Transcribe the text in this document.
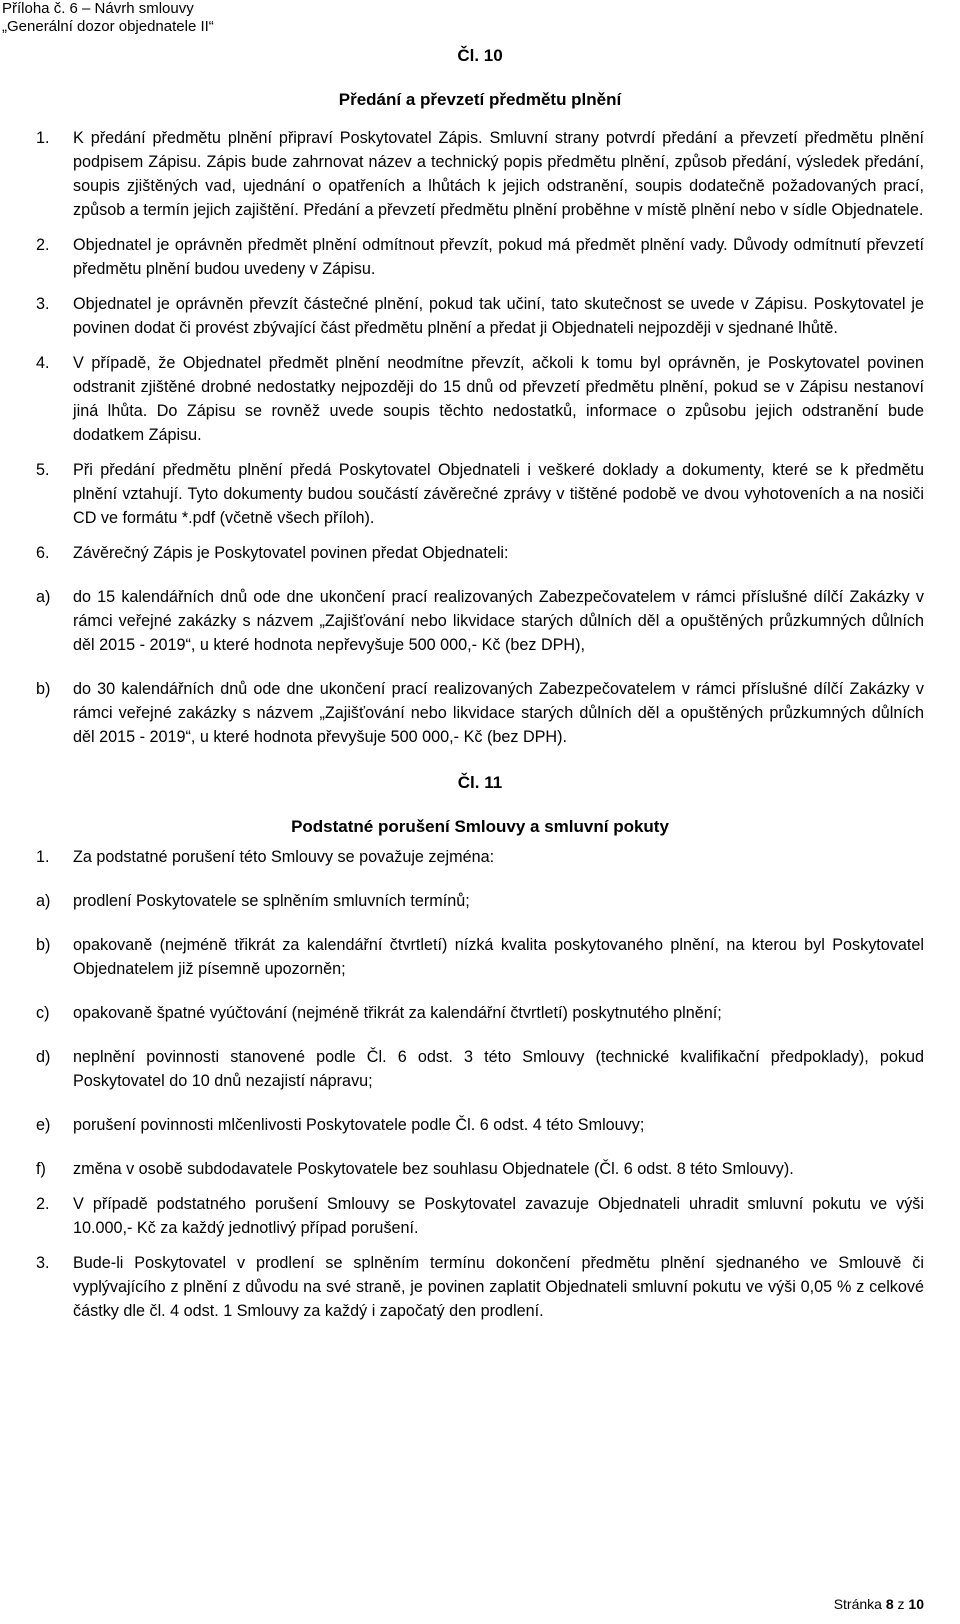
Příloha č. 6 – Návrh smlouvy
„Generální dozor objednatele II“
Čl. 10
Předání a převzetí předmětu plnění
1.	K předání předmětu plnění připraví Poskytovatel Zápis. Smluvní strany potvrdí předání a převzetí předmětu plnění podpisem Zápisu. Zápis bude zahrnovat název a technický popis předmětu plnění, způsob předání, výsledek předání, soupis zjištěných vad, ujednání o opatřeních a lhůtách k jejich odstranění, soupis dodatečně požadovaných prací, způsob a termín jejich zajištění. Předání a převzetí předmětu plnění proběhne v místě plnění nebo v sídle Objednatele.
2.	Objednatel je oprávněn předmět plnění odmítnout převzít, pokud má předmět plnění vady. Důvody odmítnutí převzetí předmětu plnění budou uvedeny v Zápisu.
3.	Objednatel je oprávněn převzít částečné plnění, pokud tak učiní, tato skutečnost se uvede v Zápisu. Poskytovatel je povinen dodat či provést zbývající část předmětu plnění a předat ji Objednateli nejpozději v sjednané lhůtě.
4.	V případě, že Objednatel předmět plnění neodmítne převzít, ačkoli k tomu byl oprávněn, je Poskytovatel povinen odstranit zjištěné drobné nedostatky nejpozději do 15 dnů od převzetí předmětu plnění, pokud se v Zápisu nestanoví jiná lhůta. Do Zápisu se rovněž uvede soupis těchto nedostatků, informace o způsobu jejich odstranění bude dodatkem Zápisu.
5.	Při předání předmětu plnění předá Poskytovatel Objednateli i veškeré doklady a dokumenty, které se k předmětu plnění vztahují. Tyto dokumenty budou součástí závěrečné zprávy v tištěné podobě ve dvou vyhotoveních a na nosiči CD ve formátu *.pdf (včetně všech příloh).
6.	Závěrečný Zápis je Poskytovatel povinen předat Objednateli:
a)	do 15 kalendářních dnů ode dne ukončení prací realizovaných Zabezpečovatelem v rámci příslušné dílčí Zakázky v rámci veřejné zakázky s názvem „Zajišťování nebo likvidace starých důlních děl a opuštěných průzkumných důlních děl 2015 - 2019“, u které hodnota nepřevyšuje 500 000,- Kč (bez DPH),
b)	do 30 kalendářních dnů ode dne ukončení prací realizovaných Zabezpečovatelem v rámci příslušné dílčí Zakázky v rámci veřejné zakázky s názvem „Zajišťování nebo likvidace starých důlních děl a opuštěných průzkumných důlních děl 2015 - 2019“, u které hodnota převyšuje 500 000,- Kč (bez DPH).
Čl. 11
Podstatné porušení Smlouvy a smluvní pokuty
1.	Za podstatné porušení této Smlouvy se považuje zejména:
a)	prodlení Poskytovatele se splněním smluvních termínů;
b)	opakovaně (nejméně třikrát za kalendářní čtvrtletí) nízká kvalita poskytovaného plnění, na kterou byl Poskytovatel Objednatelem již písemně upozorněn;
c)	opakovaně špatné vyúčtování (nejméně třikrát za kalendářní čtvrtletí) poskytnutého plnění;
d)	neplnění povinnosti stanovené podle Čl. 6 odst. 3 této Smlouvy (technické kvalifikační předpoklady), pokud Poskytovatel do 10 dnů nezajistí nápravu;
e)	porušení povinnosti mlčenlivosti Poskytovatele podle Čl. 6 odst. 4 této Smlouvy;
f)	změna v osobě subdodavatele Poskytovatele bez souhlasu Objednatele (Čl. 6 odst. 8 této Smlouvy).
2.	V případě podstatného porušení Smlouvy se Poskytovatel zavazuje Objednateli uhradit smluvní pokutu ve výši 10.000,- Kč za každý jednotlivý případ porušení.
3.	Bude-li Poskytovatel v prodlení se splněním termínu dokončení předmětu plnění sjednaného ve Smlouvě či vyplývajícího z plnění z důvodu na své straně, je povinen zaplatit Objednateli smluvní pokutu ve výši 0,05 % z celkové částky dle čl. 4 odst. 1 Smlouvy za každý i započatý den prodlení.
Stránka 8 z 10
